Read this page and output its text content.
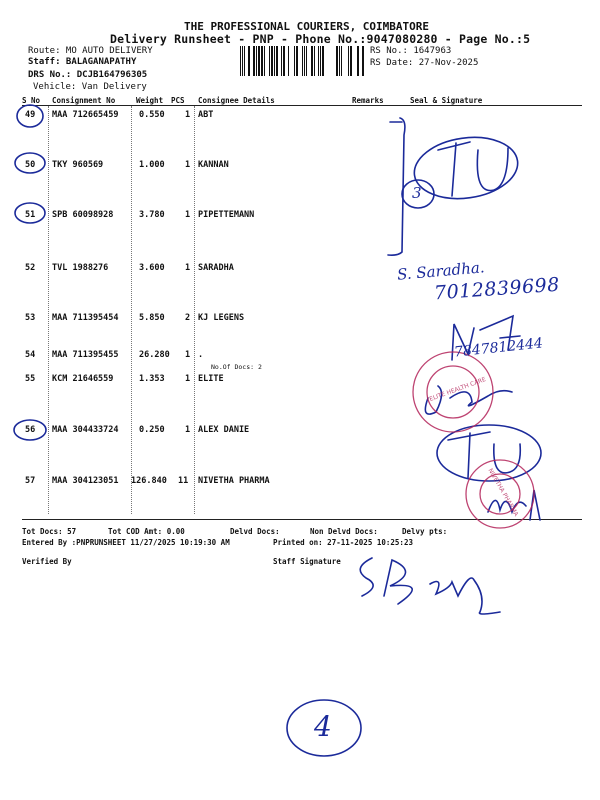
THE PROFESSIONAL COURIERS, COIMBATORE
Delivery Runsheet - PNP - Phone No.:9047080280 - Page No.:5
Route: MO AUTO DELIVERY
Staff: BALAGANAPATHY
DRS No.: DCJB164796305
Vehicle: Van Delivery
RS No.: 1647963
RS Date: 27-Nov-2025
S No Consignment No	Weight PCS Consignee Details	Remarks	Seal & Signature
49 MAA 712665459 0.550 1 ABT
50 TKY 960569	1.000 1 KANNAN
51 SPB 60098928	3.780 1 PIPETTEMANN
52 TVL 1988276	3.600 1 SARADHA
53 MAA 711395454 5.850 2 KJ LEGENS
54 MAA 711395455 26.280 1 .
No.Of Docs: 2
55 KCM 21646559	1.353 1 ELITE
56 MAA 304433724 0.250 1 ALEX DANIE
57 MAA 304123051 126.840 11 NIVETHA PHARMA
Tot Docs: 57	Tot COD Amt: 0.00	Delvd Docs:	Non Delvd Docs:	Delvy pts:
Entered By :PNPRUNSHEET 11/27/2025 10:19:30 AM	Printed on: 27-11-2025 10:25:23
Verified By	Staff Signature
S. Saradha.
7012839698
7847812444
3
4
ELITE HEALTH CARE
NIVETHA PHARMA
